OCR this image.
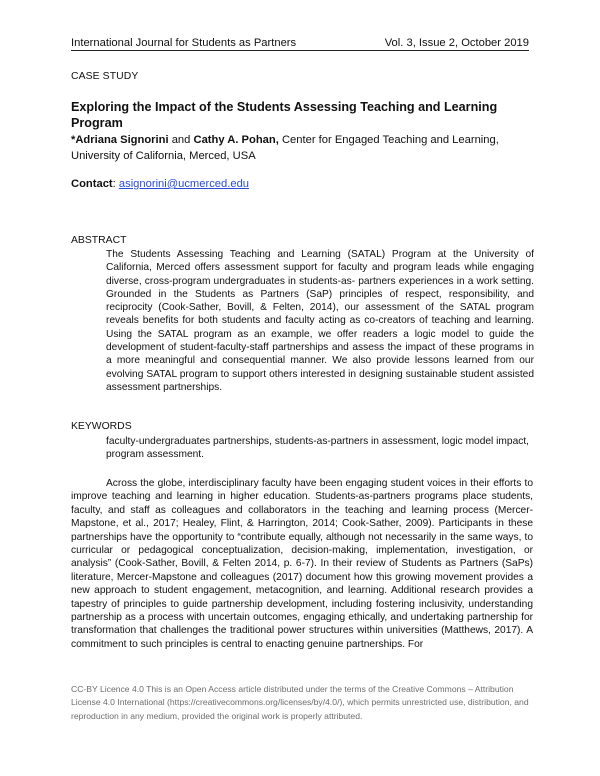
International Journal for Students as Partners	Vol. 3, Issue 2, October 2019
CASE STUDY
Exploring the Impact of the Students Assessing Teaching and Learning Program
*Adriana Signorini and Cathy A. Pohan, Center for Engaged Teaching and Learning, University of California, Merced, USA
Contact: asignorini@ucmerced.edu
ABSTRACT
The Students Assessing Teaching and Learning (SATAL) Program at the University of California, Merced offers assessment support for faculty and program leads while engaging diverse, cross-program undergraduates in students-as- partners experiences in a work setting. Grounded in the Students as Partners (SaP) principles of respect, responsibility, and reciprocity (Cook-Sather, Bovill, & Felten, 2014), our assessment of the SATAL program reveals benefits for both students and faculty acting as co-creators of teaching and learning. Using the SATAL program as an example, we offer readers a logic model to guide the development of student-faculty-staff partnerships and assess the impact of these programs in a more meaningful and consequential manner. We also provide lessons learned from our evolving SATAL program to support others interested in designing sustainable student assisted assessment partnerships.
KEYWORDS
faculty-undergraduates partnerships, students-as-partners in assessment, logic model impact, program assessment.
Across the globe, interdisciplinary faculty have been engaging student voices in their efforts to improve teaching and learning in higher education. Students-as-partners programs place students, faculty, and staff as colleagues and collaborators in the teaching and learning process (Mercer-Mapstone, et al., 2017; Healey, Flint, & Harrington, 2014; Cook-Sather, 2009). Participants in these partnerships have the opportunity to “contribute equally, although not necessarily in the same ways, to curricular or pedagogical conceptualization, decision-making, implementation, investigation, or analysis” (Cook-Sather, Bovill, & Felten 2014, p. 6-7). In their review of Students as Partners (SaPs) literature, Mercer-Mapstone and colleagues (2017) document how this growing movement provides a new approach to student engagement, metacognition, and learning. Additional research provides a tapestry of principles to guide partnership development, including fostering inclusivity, understanding partnership as a process with uncertain outcomes, engaging ethically, and undertaking partnership for transformation that challenges the traditional power structures within universities (Matthews, 2017). A commitment to such principles is central to enacting genuine partnerships. For
CC-BY Licence 4.0 This is an Open Access article distributed under the terms of the Creative Commons – Attribution License 4.0 International (https://creativecommons.org/licenses/by/4.0/), which permits unrestricted use, distribution, and reproduction in any medium, provided the original work is properly attributed.
